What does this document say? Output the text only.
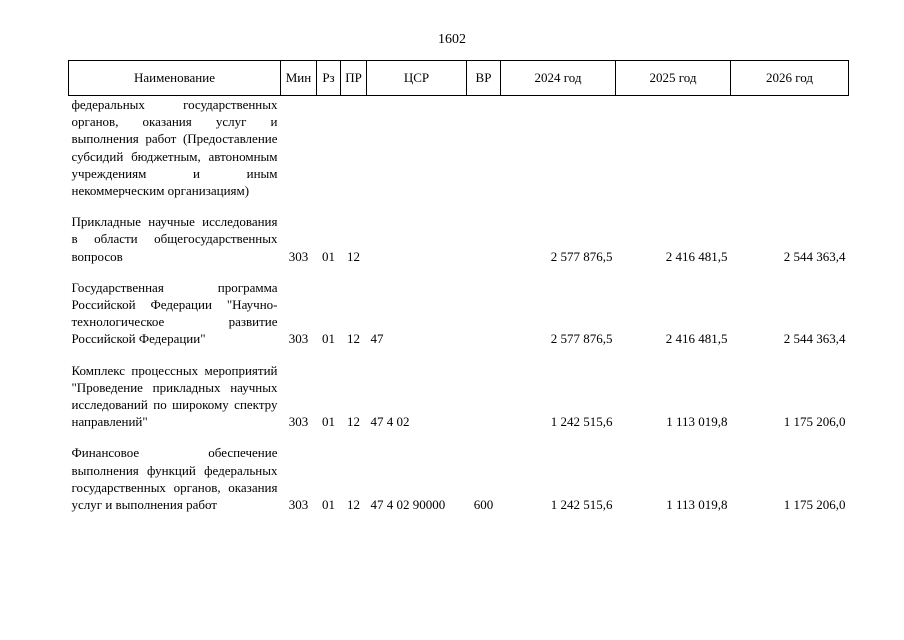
1602
Наименование	Мин	Рз	ПР	ЦСР	ВР	2024 год	2025 год	2026 год
федеральных государственных органов, оказания услуг и выполнения работ (Предоставление субсидий бюджетным, автономным учреждениям и иным некоммерческим организациям)								

Прикладные научные исследования в области общегосударственных вопросов	303	01	12			2 577 876,5	2 416 481,5	2 544 363,4

Государственная программа Российской Федерации "Научно-технологическое развитие Российской Федерации"	303	01	12	47		2 577 876,5	2 416 481,5	2 544 363,4

Комплекс процессных мероприятий "Проведение прикладных научных исследований по широкому спектру направлений"	303	01	12	47 4 02		1 242 515,6	1 113 019,8	1 175 206,0

Финансовое обеспечение выполнения функций федеральных государственных органов, оказания услуг и выполнения работ	303	01	12	47 4 02 90000	600	1 242 515,6	1 113 019,8	1 175 206,0
